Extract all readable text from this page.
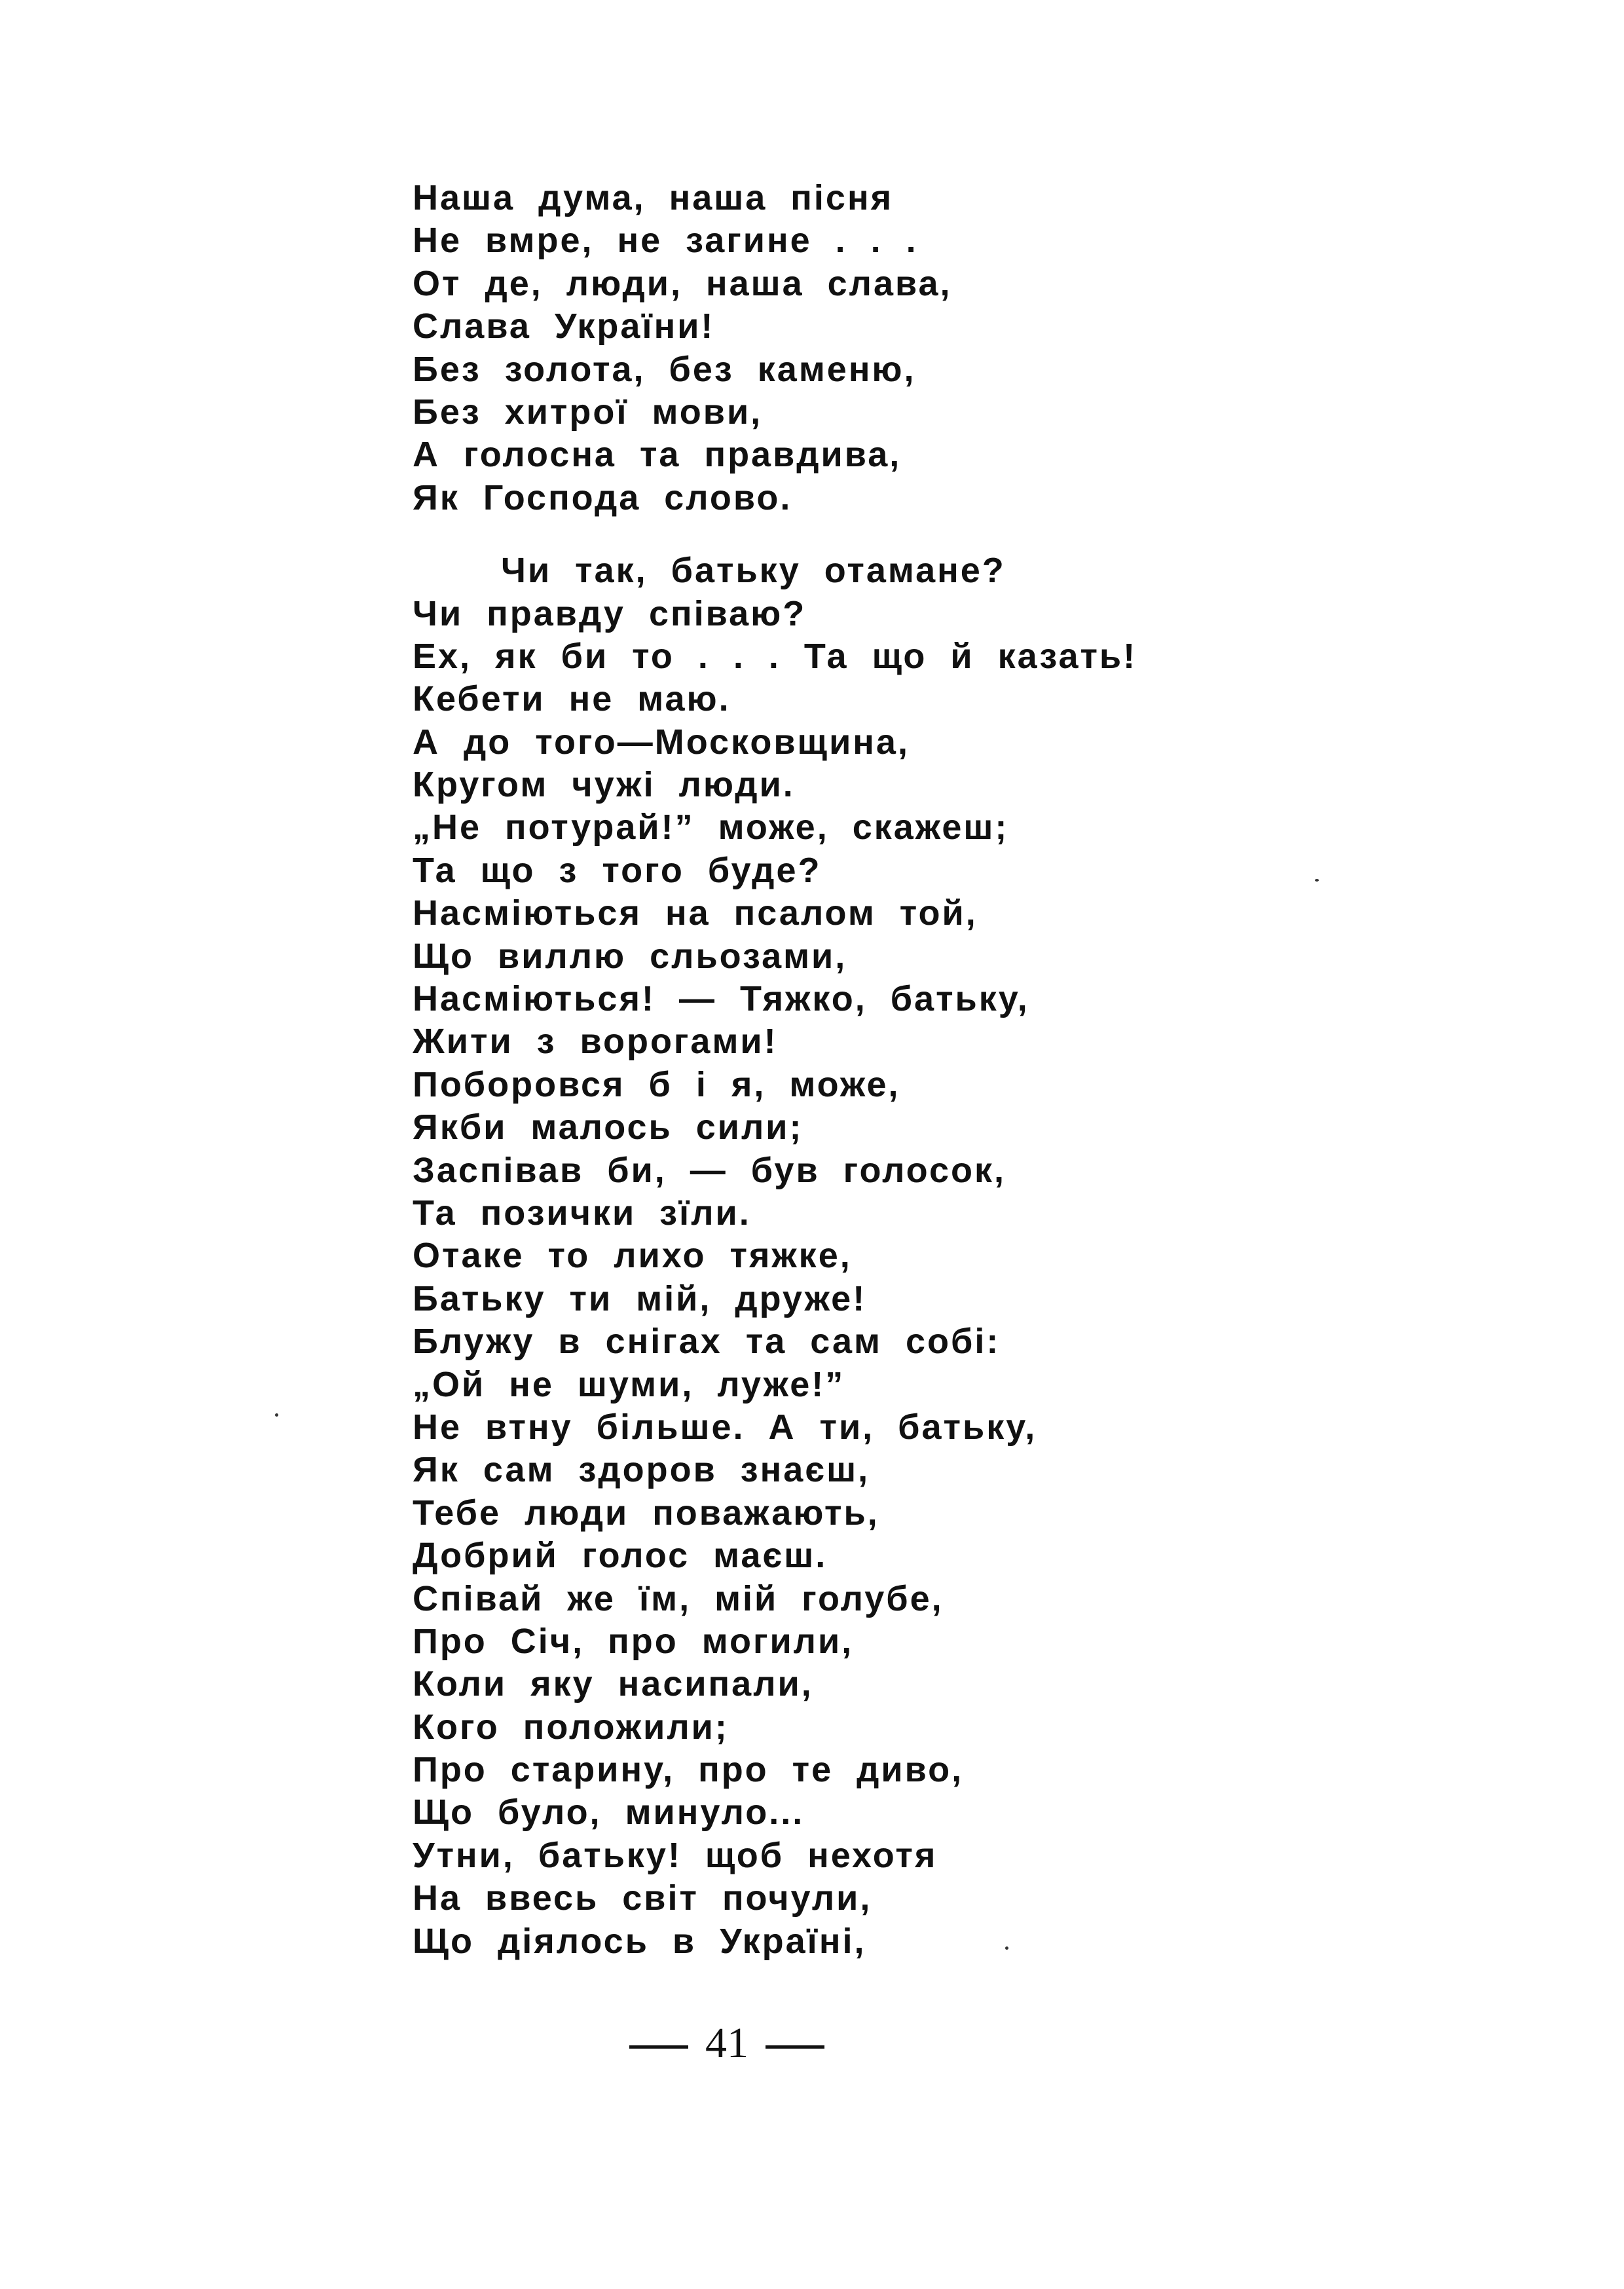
Наша дума, наша пісня
Не вмре, не загине . . .
От де, люди, наша слава,
Слава України!
Без золота, без каменю,
Без хитрої мови,
А голосна та правдива,
Як Господа слово.
Чи так, батьку отамане?
Чи правду співаю?
Ех, як би то . . . Та що й казать!
Кебети не маю.
А до того—Московщина,
Кругом чужі люди.
„Не потурай!” може, скажеш;
Та що з того буде?
Насміються на псалом той,
Що виллю сльозами,
Насміються! — Тяжко, батьку,
Жити з ворогами!
Поборовся б і я, може,
Якби малось сили;
Заспівав би, — був голосок,
Та позички зїли.
Отаке то лихо тяжке,
Батьку ти мій, друже!
Блужу в снігах та сам собі:
„Ой не шуми, луже!”
Не втну більше. А ти, батьку,
Як сам здоров знаєш,
Тебе люди поважають,
Добрий голос маєш.
Співай же їм, мій голубе,
Про Січ, про могили,
Коли яку насипали,
Кого положили;
Про старину, про те диво,
Що було, минуло...
Утни, батьку! щоб нехотя
На ввесь світ почули,
Що діялось в Україні,
41
